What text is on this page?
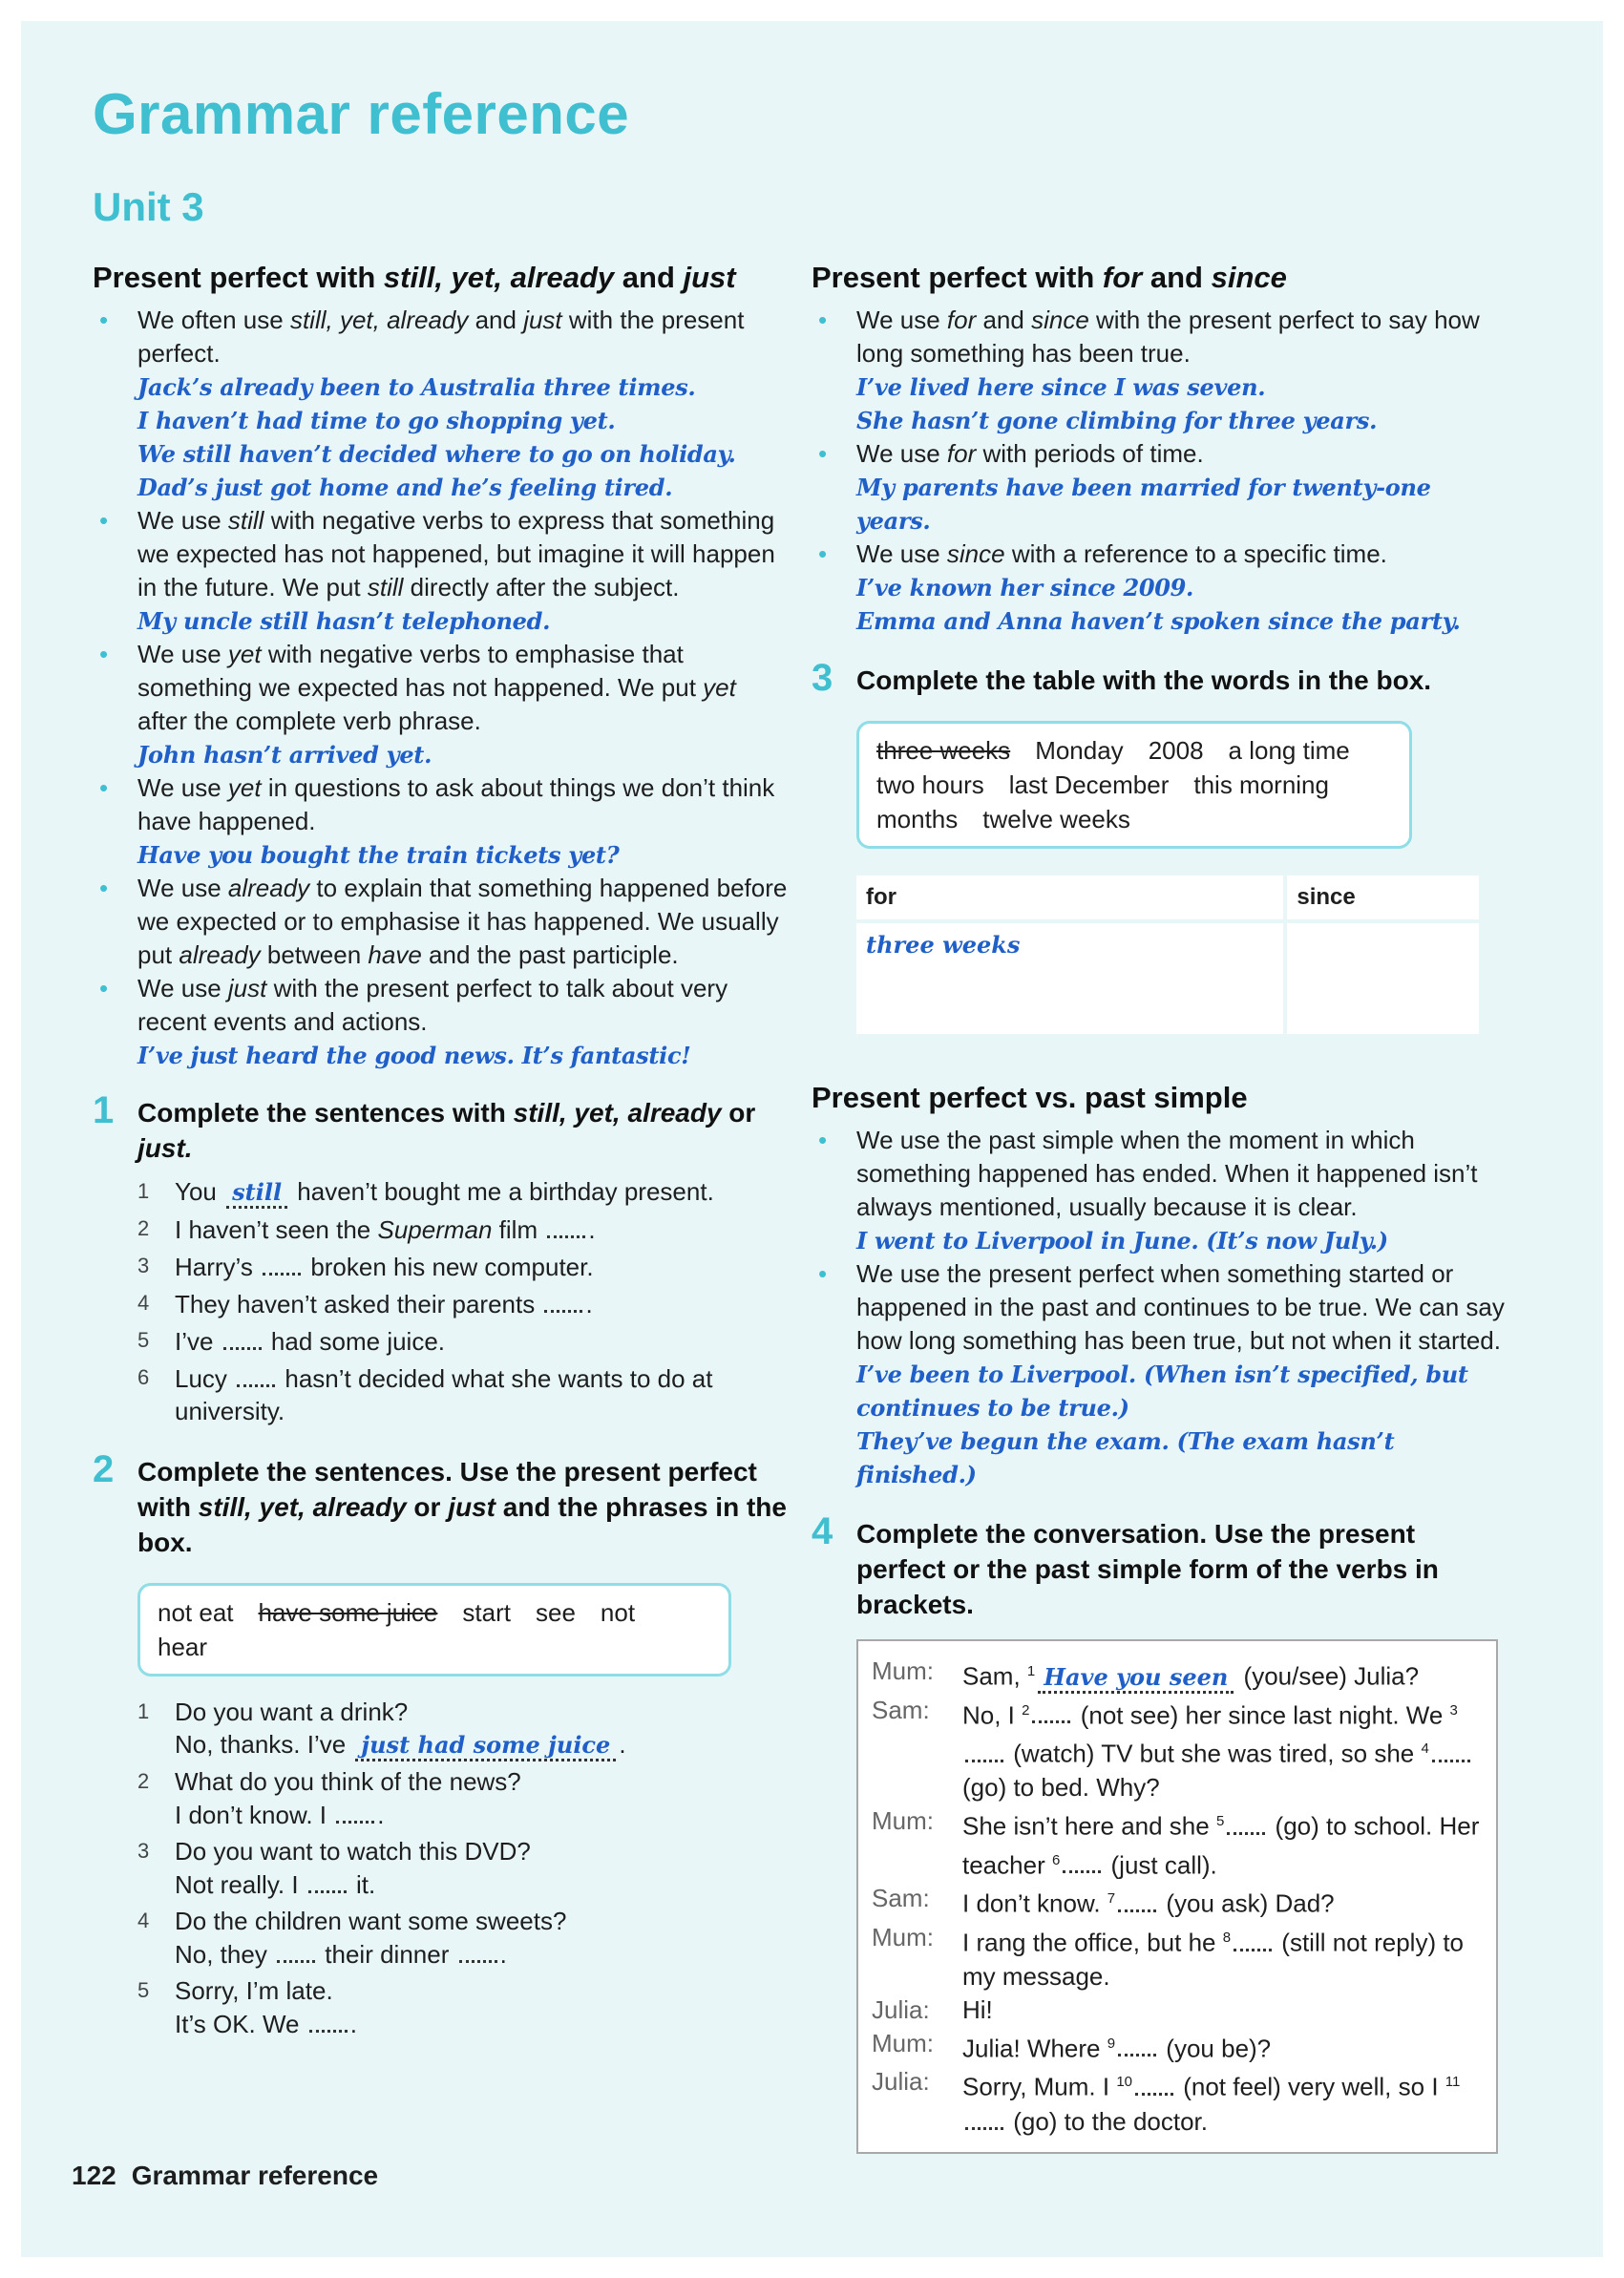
Grammar reference
Unit 3
Present perfect with still, yet, already and just
• We often use still, yet, already and just with the present perfect.
Jack’s already been to Australia three times.
I haven’t had time to go shopping yet.
We still haven’t decided where to go on holiday.
Dad’s just got home and he’s feeling tired.
• We use still with negative verbs to express that something we expected has not happened, but imagine it will happen in the future. We put still directly after the subject.
My uncle still hasn’t telephoned.
• We use yet with negative verbs to emphasise that something we expected has not happened. We put yet after the complete verb phrase.
John hasn’t arrived yet.
• We use yet in questions to ask about things we don’t think have happened.
Have you bought the train tickets yet?
• We use already to explain that something happened before we expected or to emphasise it has happened. We usually put already between have and the past participle.
• We use just with the present perfect to talk about very recent events and actions.
I’ve just heard the good news. It’s fantastic!
1 Complete the sentences with still, yet, already or just.
1 You still haven’t bought me a birthday present.
2 I haven’t seen the Superman film .
3 Harry’s  broken his new computer.
4 They haven’t asked their parents .
5 I’ve  had some juice.
6 Lucy  hasn’t decided what she wants to do at university.
2 Complete the sentences. Use the present perfect with still, yet, already or just and the phrases in the box.
not eat have some juice start see not hear
1 Do you want a drink?
No, thanks. I’ve just had some juice .
2 What do you think of the news?
I don’t know. I .
3 Do you want to watch this DVD?
Not really. I  it.
4 Do the children want some sweets?
No, they  their dinner .
5 Sorry, I’m late.
It’s OK. We .
Present perfect with for and since
• We use for and since with the present perfect to say how long something has been true.
I’ve lived here since I was seven.
She hasn’t gone climbing for three years.
• We use for with periods of time.
My parents have been married for twenty-one years.
• We use since with a reference to a specific time.
I’ve known her since 2009.
Emma and Anna haven’t spoken since the party.
3 Complete the table with the words in the box.
three weeks Monday 2008 a long time
two hours last December this morning
months twelve weeks
for	since
three weeks	
Present perfect vs. past simple
• We use the past simple when the moment in which something happened has ended. When it happened isn’t always mentioned, usually because it is clear.
I went to Liverpool in June. (It’s now July.)
• We use the present perfect when something started or happened in the past and continues to be true. We can say how long something has been true, but not when it started.
I’ve been to Liverpool. (When isn’t specified, but continues to be true.)
They’ve begun the exam. (The exam hasn’t finished.)
4 Complete the conversation. Use the present perfect or the past simple form of the verbs in brackets.
Mum:	Sam, $^1$ Have you seen (you/see) Julia?
Sam:	No, I $^2$ (not see) her since last night. We $^3$ (watch) TV but she was tired, so she $^4$ (go) to bed. Why?
Mum:	She isn’t here and she $^5$ (go) to school. Her teacher $^6$ (just call).
Sam:	I don’t know. $^7$ (you ask) Dad?
Mum:	I rang the office, but he $^8$ (still not reply) to my message.
Julia:	Hi!
Mum:	Julia! Where $^9$ (you be)?
Julia:	Sorry, Mum. I $^{10}$ (not feel) very well, so I $^{11}$ (go) to the doctor.
122 Grammar reference
